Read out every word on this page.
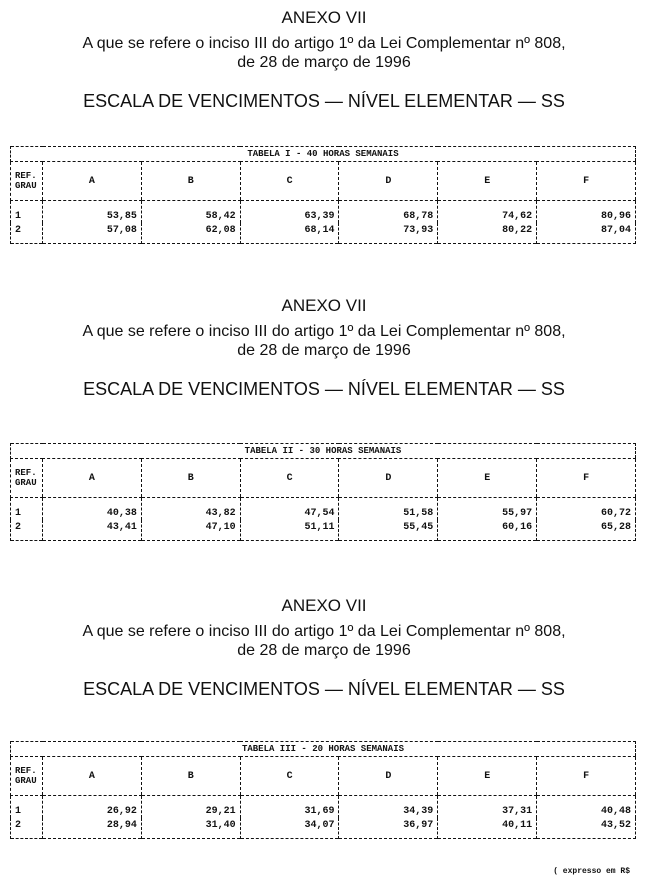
ANEXO VII
A que se refere o inciso III do artigo 1º da Lei Complementar nº 808,
de 28 de março de 1996
ESCALA DE VENCIMENTOS — NÍVEL ELEMENTAR — SS
TABELA I - 40 HORAS SEMANAIS						
REF.
GRAU	A	B	C	D	E	F
1	53,85	58,42	63,39	68,78	74,62	80,96
2	57,08	62,08	68,14	73,93	80,22	87,04
ANEXO VII
A que se refere o inciso III do artigo 1º da Lei Complementar nº 808,
de 28 de março de 1996
ESCALA DE VENCIMENTOS — NÍVEL ELEMENTAR — SS
TABELA II - 30 HORAS SEMANAIS						
REF.
GRAU	A	B	C	D	E	F
1	40,38	43,82	47,54	51,58	55,97	60,72
2	43,41	47,10	51,11	55,45	60,16	65,28
ANEXO VII
A que se refere o inciso III do artigo 1º da Lei Complementar nº 808,
de 28 de março de 1996
ESCALA DE VENCIMENTOS — NÍVEL ELEMENTAR — SS
TABELA III - 20 HORAS SEMANAIS						
REF.
GRAU	A	B	C	D	E	F
1	26,92	29,21	31,69	34,39	37,31	40,48
2	28,94	31,40	34,07	36,97	40,11	43,52
( expresso em R$
